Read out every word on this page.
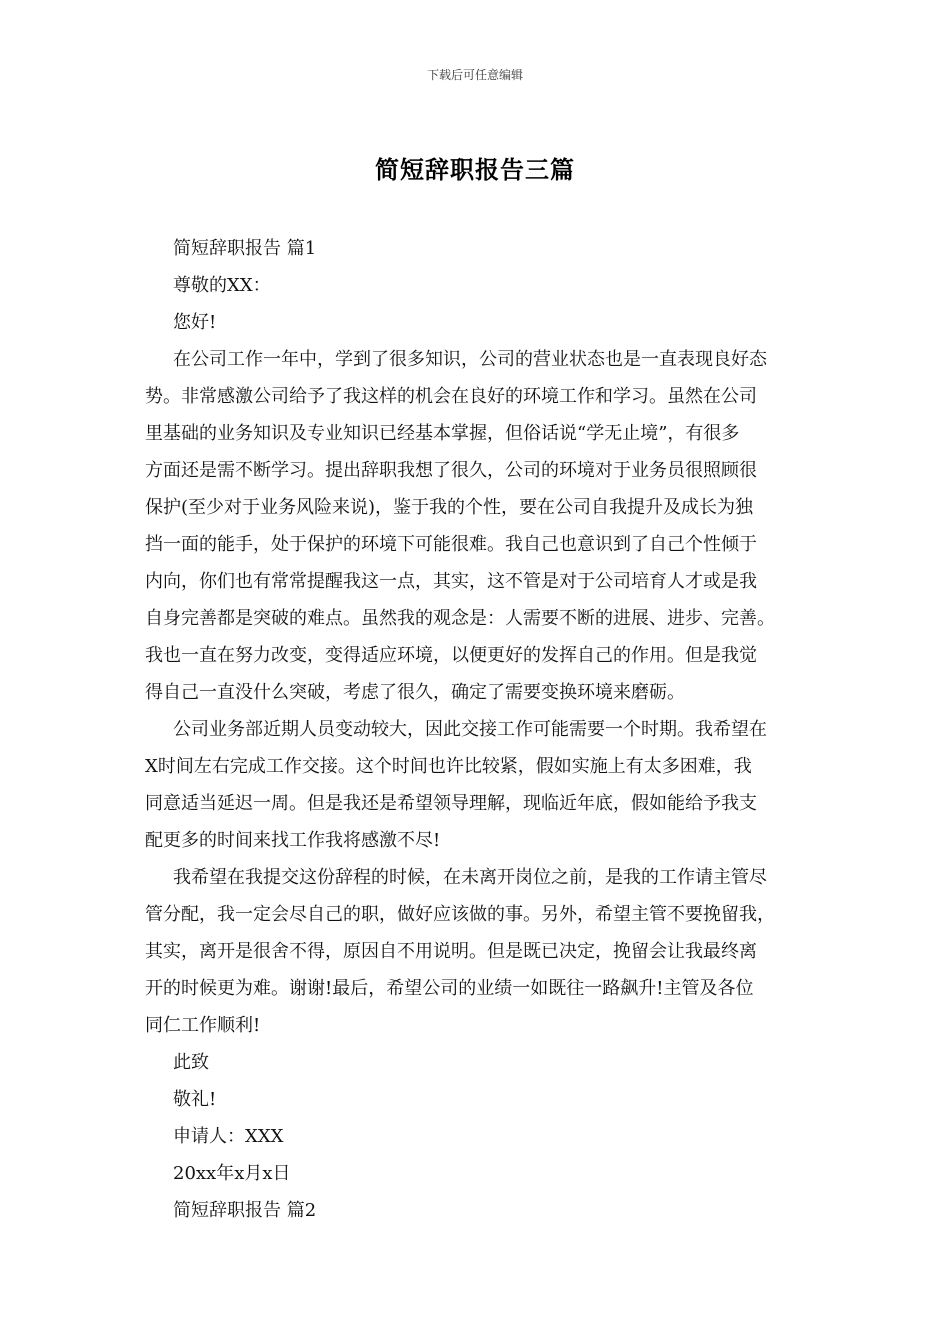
下载后可任意编辑
简短辞职报告三篇

简短辞职报告 篇1

尊敬的XX：

您好!

在公司工作一年中，学到了很多知识，公司的营业状态也是一直表现良好态
势。非常感激公司给予了我这样的机会在良好的环境工作和学习。虽然在公司
里基础的业务知识及专业知识已经基本掌握，但俗话说“学无止境”，有很多
方面还是需不断学习。提出辞职我想了很久，公司的环境对于业务员很照顾很
保护(至少对于业务风险来说)，鉴于我的个性，要在公司自我提升及成长为独
挡一面的能手，处于保护的环境下可能很难。我自己也意识到了自己个性倾于
内向，你们也有常常提醒我这一点，其实，这不管是对于公司培育人才或是我
自身完善都是突破的难点。虽然我的观念是：人需要不断的进展、进步、完善。
我也一直在努力改变，变得适应环境，以便更好的发挥自己的作用。但是我觉
得自己一直没什么突破，考虑了很久，确定了需要变换环境来磨砺。

公司业务部近期人员变动较大，因此交接工作可能需要一个时期。我希望在
X时间左右完成工作交接。这个时间也许比较紧，假如实施上有太多困难，我
同意适当延迟一周。但是我还是希望领导理解，现临近年底，假如能给予我支
配更多的时间来找工作我将感激不尽!

我希望在我提交这份辞程的时候，在未离开岗位之前，是我的工作请主管尽
管分配，我一定会尽自己的职，做好应该做的事。另外，希望主管不要挽留我，
其实，离开是很舍不得，原因自不用说明。但是既已决定，挽留会让我最终离
开的时候更为难。谢谢!最后，希望公司的业绩一如既往一路飙升!主管及各位
同仁工作顺利!

此致

敬礼!

申请人：XXX

20xx年x月x日

简短辞职报告 篇2
